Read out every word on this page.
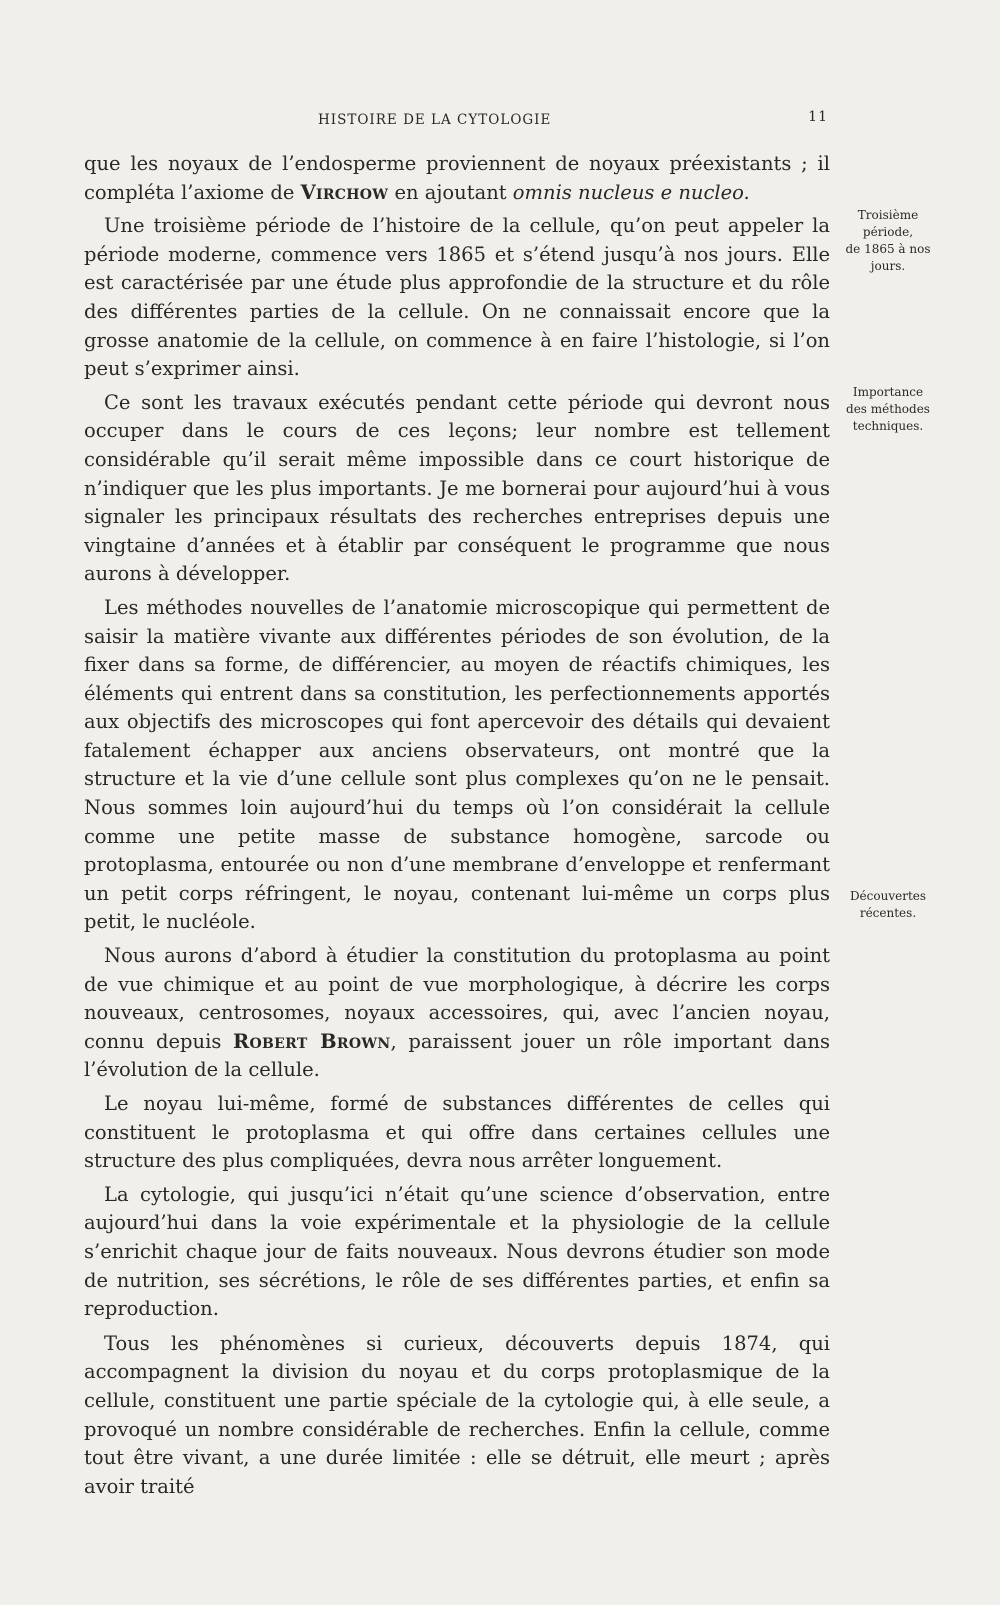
HISTOIRE DE LA CYTOLOGIE	11

que les noyaux de l’endosperme proviennent de noyaux préexistants ; il compléta l’axiome de Virchow en ajoutant omnis nucleus e nucleo.

Une troisième période de l’histoire de la cellule, qu’on peut appeler la période moderne, commence vers 1865 et s’étend jusqu’à nos jours. Elle est caractérisée par une étude plus approfondie de la structure et du rôle des différentes parties de la cellule. On ne connaissait encore que la grosse anatomie de la cellule, on commence à en faire l’histologie, si l’on peut s’exprimer ainsi.

Ce sont les travaux exécutés pendant cette période qui devront nous occuper dans le cours de ces leçons; leur nombre est tellement considérable qu’il serait même impossible dans ce court historique de n’indiquer que les plus importants. Je me bornerai pour aujourd’hui à vous signaler les principaux résultats des recherches entreprises depuis une vingtaine d’années et à établir par conséquent le programme que nous aurons à développer.

Les méthodes nouvelles de l’anatomie microscopique qui permettent de saisir la matière vivante aux différentes périodes de son évolution, de la fixer dans sa forme, de différencier, au moyen de réactifs chimiques, les éléments qui entrent dans sa constitution, les perfectionnements apportés aux objectifs des microscopes qui font apercevoir des détails qui devaient fatalement échapper aux anciens observateurs, ont montré que la structure et la vie d’une cellule sont plus complexes qu’on ne le pensait. Nous sommes loin aujourd’hui du temps où l’on considérait la cellule comme une petite masse de substance homogène, sarcode ou protoplasma, entourée ou non d’une membrane d’enveloppe et renfermant un petit corps réfringent, le noyau, contenant lui-même un corps plus petit, le nucléole.

Nous aurons d’abord à étudier la constitution du protoplasma au point de vue chimique et au point de vue morphologique, à décrire les corps nouveaux, centrosomes, noyaux accessoires, qui, avec l’ancien noyau, connu depuis Robert Brown, paraissent jouer un rôle important dans l’évolution de la cellule.

Le noyau lui-même, formé de substances différentes de celles qui constituent le protoplasma et qui offre dans certaines cellules une structure des plus compliquées, devra nous arrêter longuement.

La cytologie, qui jusqu’ici n’était qu’une science d’observation, entre aujourd’hui dans la voie expérimentale et la physiologie de la cellule s’enrichit chaque jour de faits nouveaux. Nous devrons étudier son mode de nutrition, ses sécrétions, le rôle de ses différentes parties, et enfin sa reproduction.

Tous les phénomènes si curieux, découverts depuis 1874, qui accompagnent la division du noyau et du corps protoplasmique de la cellule, constituent une partie spéciale de la cytologie qui, à elle seule, a provoqué un nombre considérable de recherches. Enfin la cellule, comme tout être vivant, a une durée limitée : elle se détruit, elle meurt ; après avoir traité

Troisième
période,
de 1865 à nos
jours.
Importance
des méthodes
techniques.
Découvertes
récentes.
